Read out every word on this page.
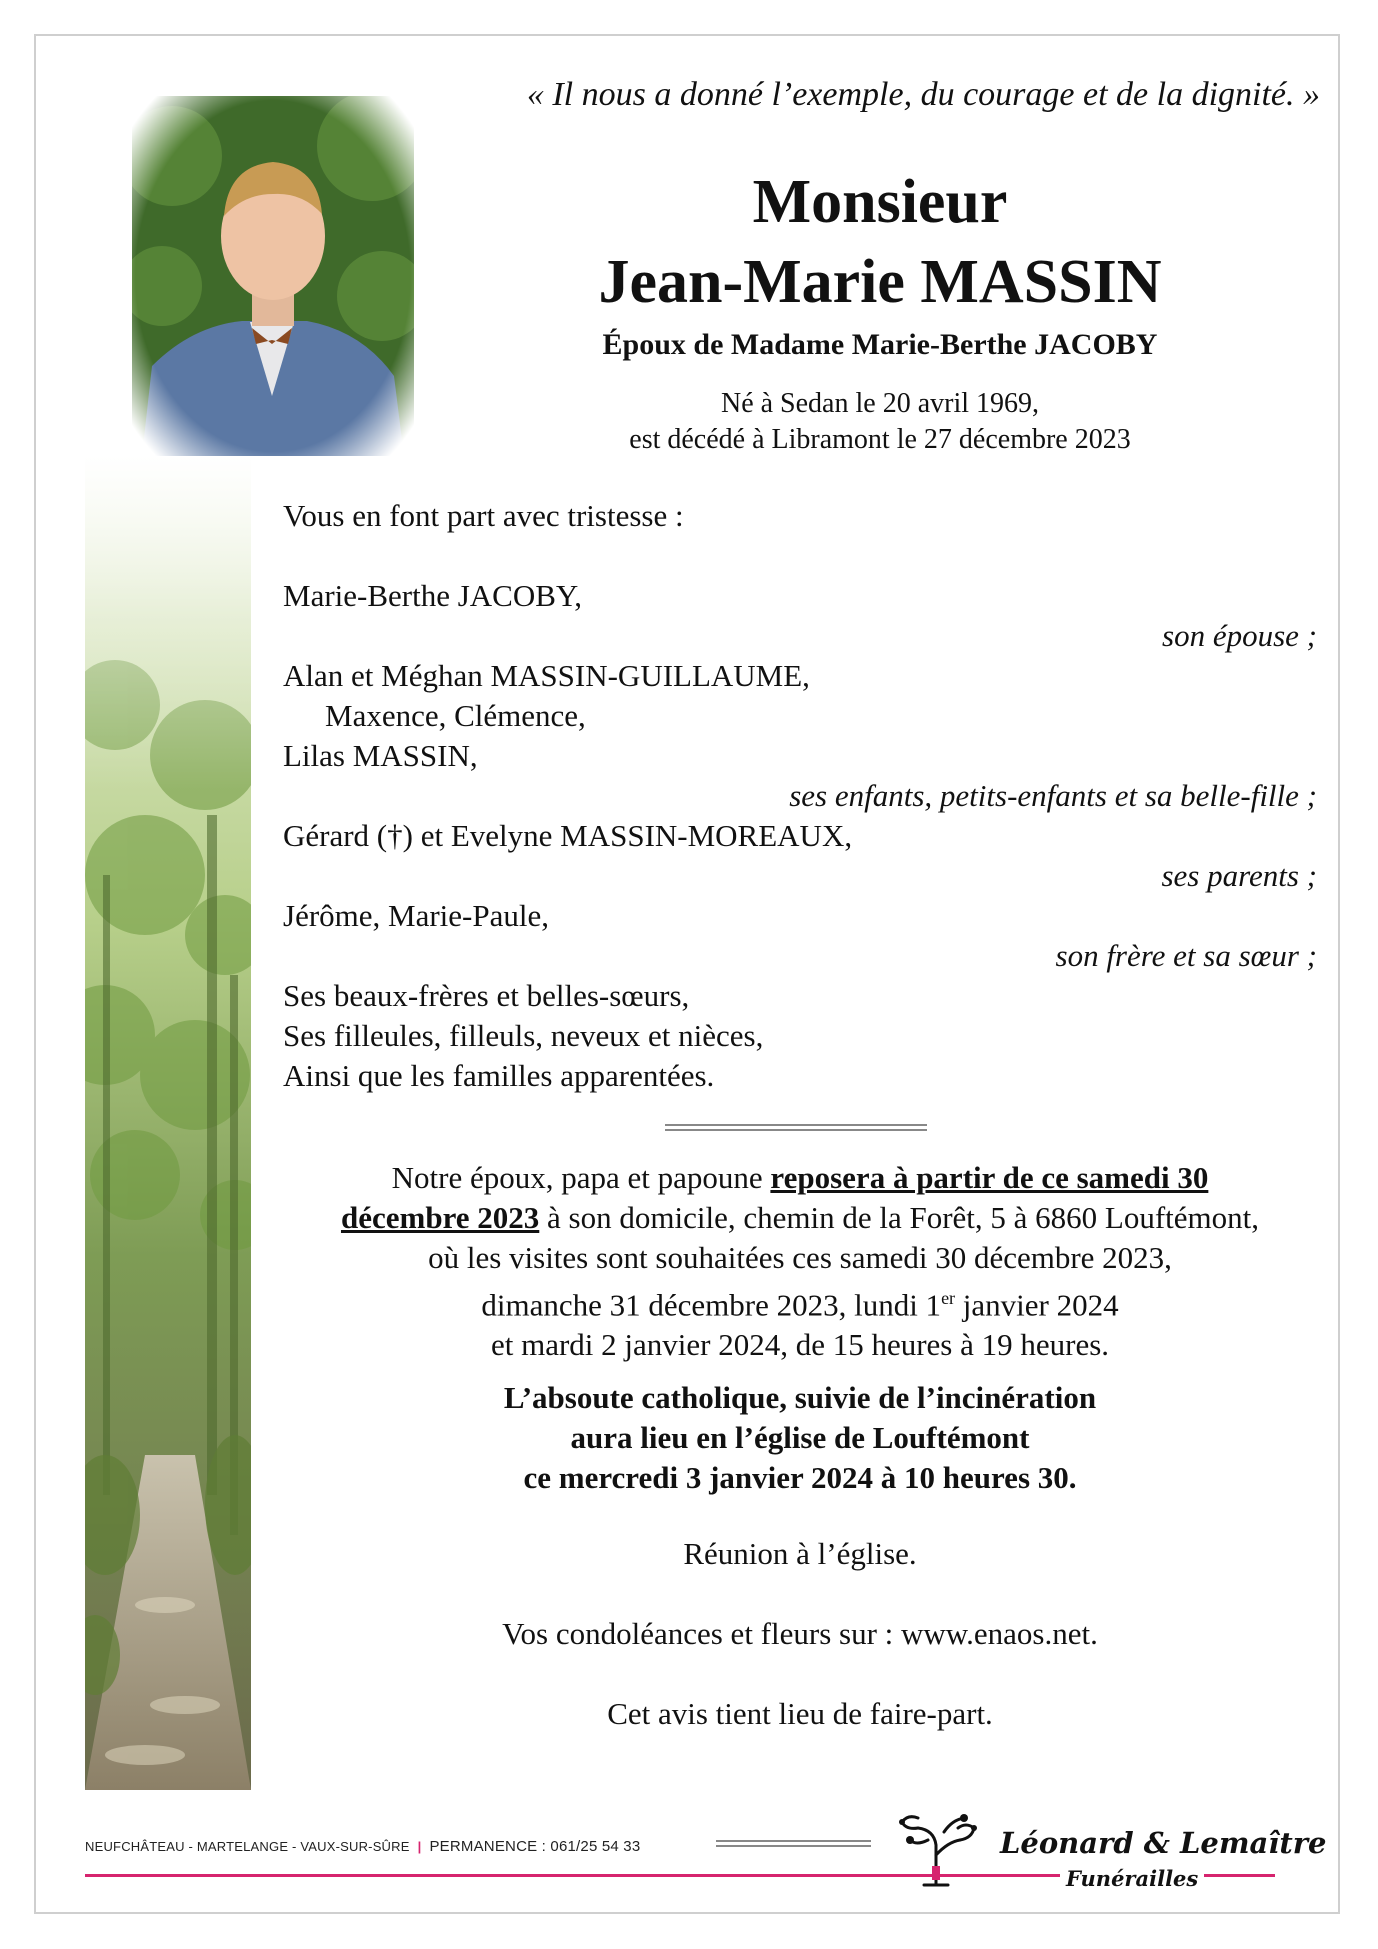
« Il nous a donné l’exemple, du courage et de la dignité. »
Monsieur
Jean-Marie MASSIN
Époux de Madame Marie-Berthe JACOBY
Né à Sedan le 20 avril 1969,
est décédé à Libramont le 27 décembre 2023
Vous en font part avec tristesse :
Marie-Berthe JACOBY,
son épouse ;
Alan et Méghan MASSIN-GUILLAUME,
Maxence, Clémence,
Lilas MASSIN,
ses enfants, petits-enfants et sa belle-fille ;
Gérard (†) et Evelyne MASSIN-MOREAUX,
ses parents ;
Jérôme, Marie-Paule,
son frère et sa sœur ;
Ses beaux-frères et belles-sœurs,
Ses filleules, filleuls, neveux et nièces,
Ainsi que les familles apparentées.
Notre époux, papa et papoune reposera à partir de ce samedi 30
décembre 2023 à son domicile, chemin de la Forêt, 5 à 6860 Louftémont,
où les visites sont souhaitées ces samedi 30 décembre 2023,
dimanche 31 décembre 2023, lundi 1er janvier 2024
et mardi 2 janvier 2024, de 15 heures à 19 heures.
L’absoute catholique, suivie de l’incinération
aura lieu en l’église de Louftémont
ce mercredi 3 janvier 2024 à 10 heures 30.
Réunion à l’église.
Vos condoléances et fleurs sur : www.enaos.net.
Cet avis tient lieu de faire-part.
NEUFCHÂTEAU - MARTELANGE - VAUX-SUR-SÛRE | PERMANENCE : 061/25 54 33	Léonard & Lemaître
Funérailles
